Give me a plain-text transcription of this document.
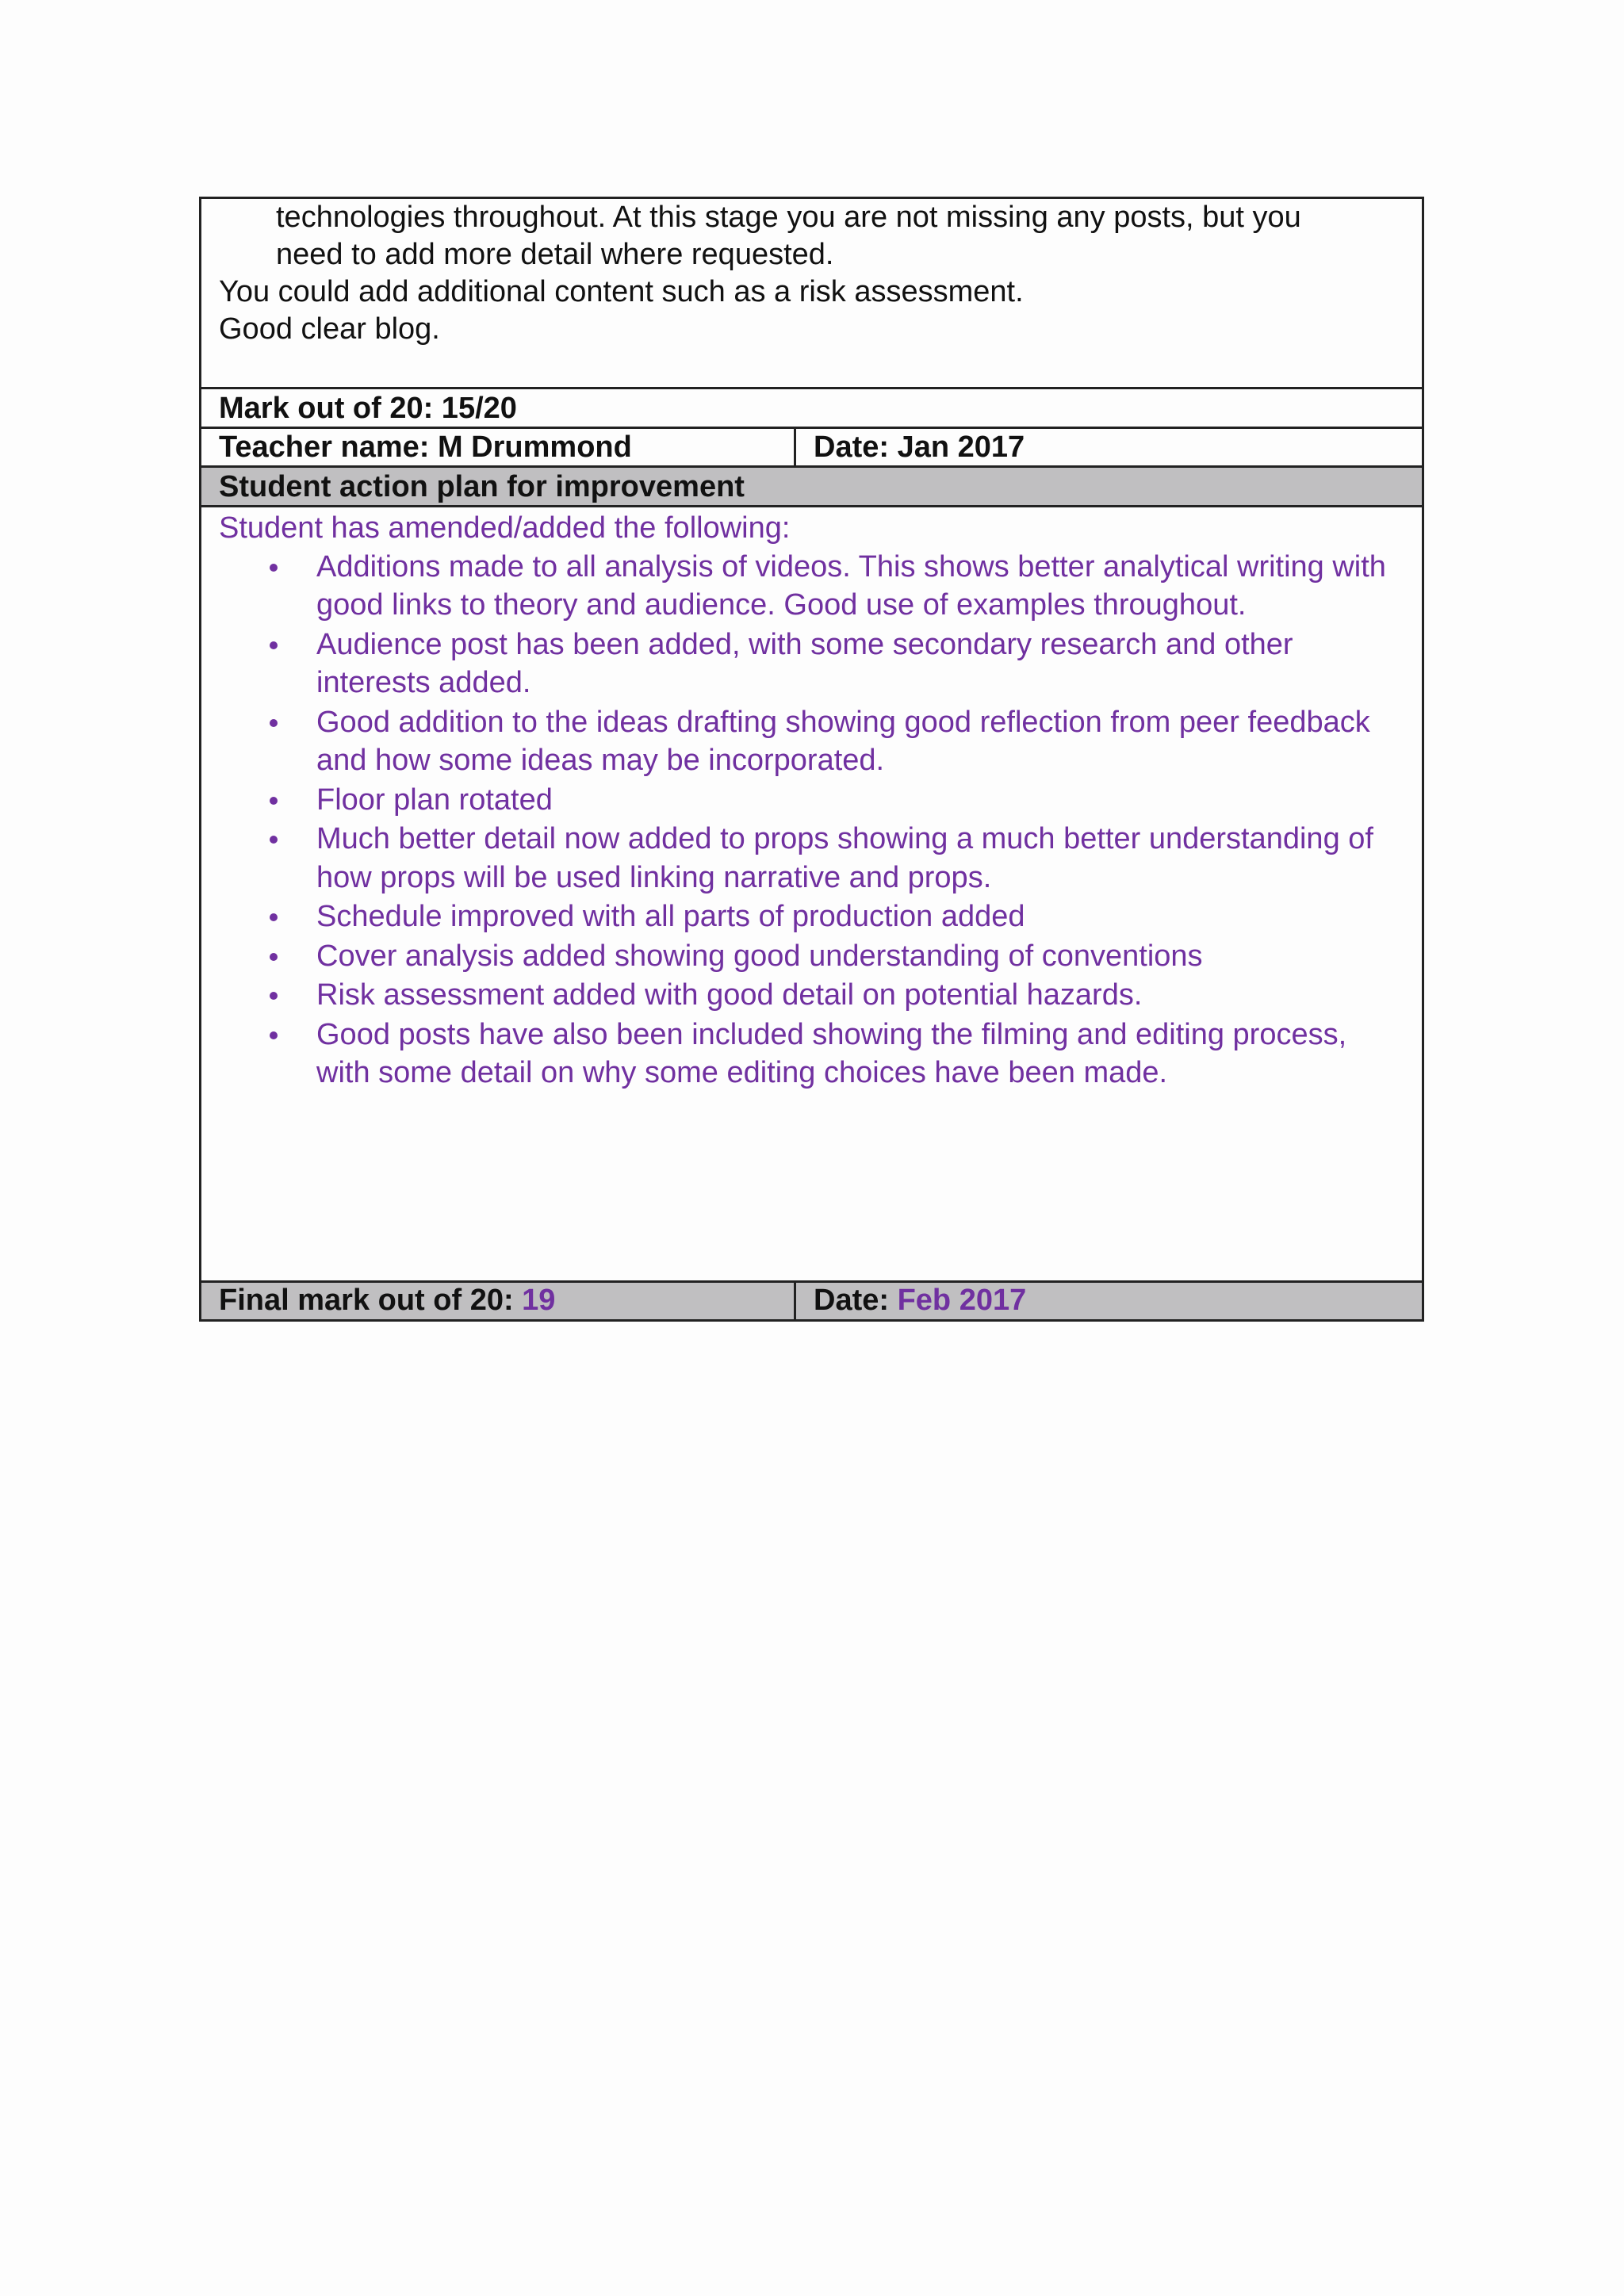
technologies throughout. At this stage you are not missing any posts, but you
need to add more detail where requested.
You could add additional content such as a risk assessment.
Good clear blog.
Mark out of 20: 15/20
Teacher name: M Drummond	Date: Jan 2017
Student action plan for improvement
Student has amended/added the following:
Additions made to all analysis of videos. This shows better analytical writing with good links to theory and audience. Good use of examples throughout.
Audience post has been added, with some secondary research and other interests added.
Good addition to the ideas drafting showing good reflection from peer feedback and how some ideas may be incorporated.
Floor plan rotated
Much better detail now added to props showing a much better understanding of how props will be used linking narrative and props.
Schedule improved with all parts of production added
Cover analysis added showing good understanding of conventions
Risk assessment added with good detail on potential hazards.
Good posts have also been included showing the filming and editing process, with some detail on why some editing choices have been made.
Final mark out of 20: 19	Date: Feb 2017
